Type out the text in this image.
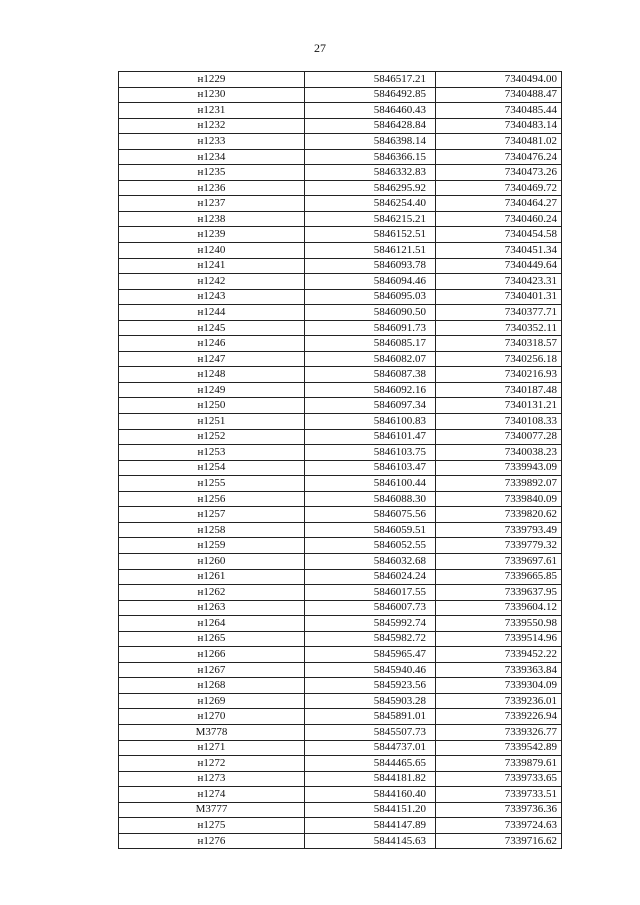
27
н1229	5846517.21	7340494.00
н1230	5846492.85	7340488.47
н1231	5846460.43	7340485.44
н1232	5846428.84	7340483.14
н1233	5846398.14	7340481.02
н1234	5846366.15	7340476.24
н1235	5846332.83	7340473.26
н1236	5846295.92	7340469.72
н1237	5846254.40	7340464.27
н1238	5846215.21	7340460.24
н1239	5846152.51	7340454.58
н1240	5846121.51	7340451.34
н1241	5846093.78	7340449.64
н1242	5846094.46	7340423.31
н1243	5846095.03	7340401.31
н1244	5846090.50	7340377.71
н1245	5846091.73	7340352.11
н1246	5846085.17	7340318.57
н1247	5846082.07	7340256.18
н1248	5846087.38	7340216.93
н1249	5846092.16	7340187.48
н1250	5846097.34	7340131.21
н1251	5846100.83	7340108.33
н1252	5846101.47	7340077.28
н1253	5846103.75	7340038.23
н1254	5846103.47	7339943.09
н1255	5846100.44	7339892.07
н1256	5846088.30	7339840.09
н1257	5846075.56	7339820.62
н1258	5846059.51	7339793.49
н1259	5846052.55	7339779.32
н1260	5846032.68	7339697.61
н1261	5846024.24	7339665.85
н1262	5846017.55	7339637.95
н1263	5846007.73	7339604.12
н1264	5845992.74	7339550.98
н1265	5845982.72	7339514.96
н1266	5845965.47	7339452.22
н1267	5845940.46	7339363.84
н1268	5845923.56	7339304.09
н1269	5845903.28	7339236.01
н1270	5845891.01	7339226.94
М3778	5845507.73	7339326.77
н1271	5844737.01	7339542.89
н1272	5844465.65	7339879.61
н1273	5844181.82	7339733.65
н1274	5844160.40	7339733.51
М3777	5844151.20	7339736.36
н1275	5844147.89	7339724.63
н1276	5844145.63	7339716.62
